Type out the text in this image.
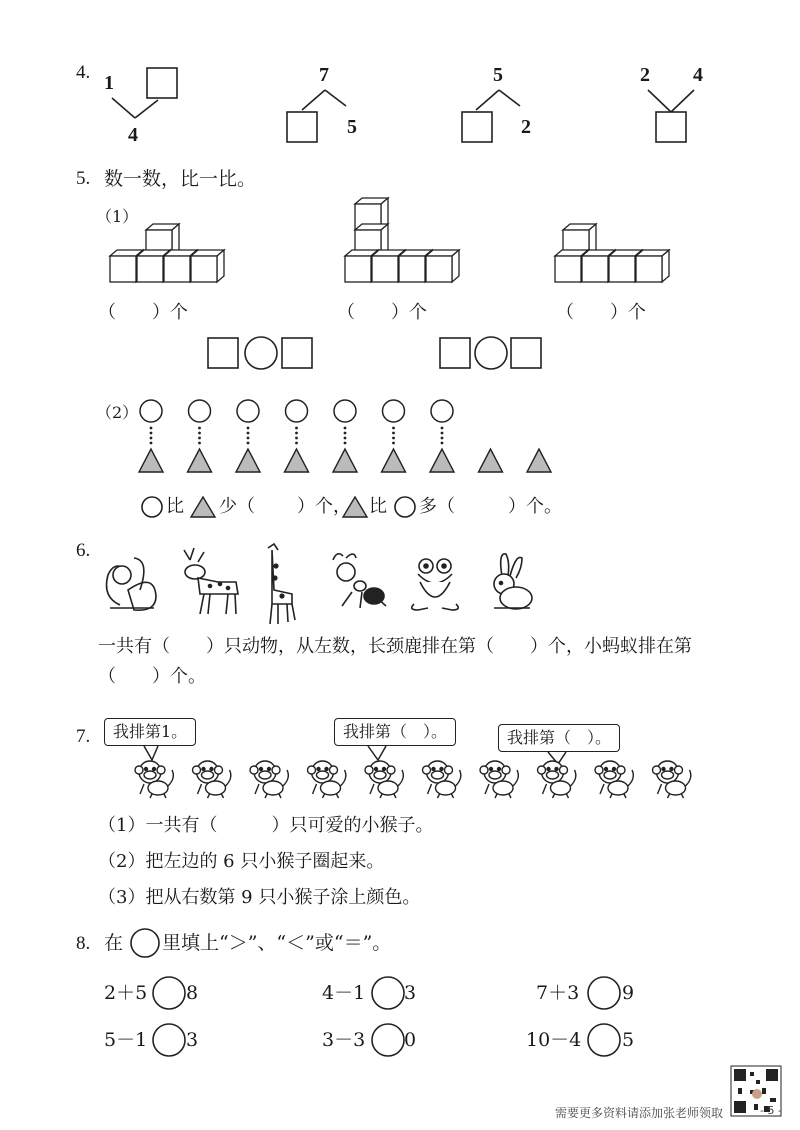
4. 1
4
7
5
5
2
2 4
5. 数一数，比一比。
（1）
（　　）个	（　　）个	（　　）个
（2）
比 少（ ）个， 比 多（	）个。
6.
一共有（　　）只动物，从左数，长颈鹿排在第（　　）个，小蚂蚁排在第
（　　）个。
7.	我排第1。	我排第（　）。	我排第（　）。
（1）一共有（　　　）只可爱的小猴子。
（2）把左边的 6 只小猴子圈起来。
（3）把从右数第 9 只小猴子涂上颜色。
8. 在 里填上“＞”、“＜”或“＝”。
2＋5 8	4－1 3	7＋3 9
5－1 3	3－3 0	10－4 5
需要更多资料请添加张老师领取	- 5 -
